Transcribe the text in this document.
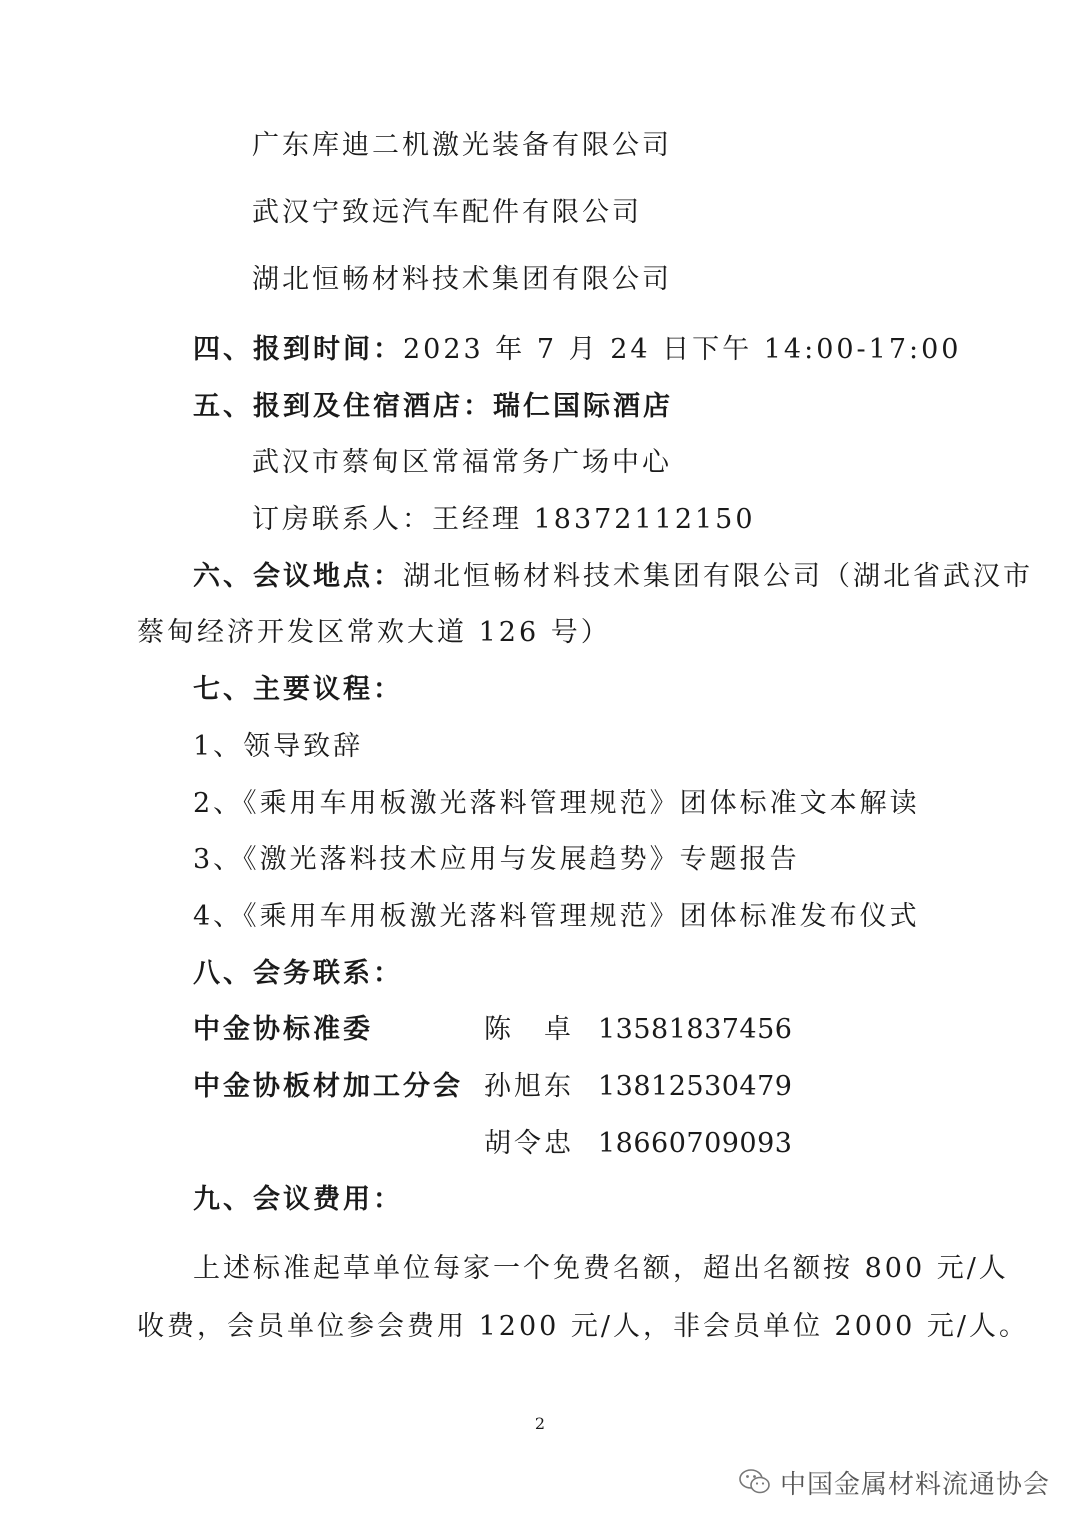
广东库迪二机激光装备有限公司
武汉宁致远汽车配件有限公司
湖北恒畅材料技术集团有限公司
四、报到时间：2023 年 7 月 24 日下午 14:00-17:00
五、报到及住宿酒店：瑞仁国际酒店
武汉市蔡甸区常福常务广场中心
订房联系人：王经理 18372112150
六、会议地点：湖北恒畅材料技术集团有限公司（湖北省武汉市
蔡甸经济开发区常欢大道 126 号）
七、主要议程：
1、领导致辞
2、《乘用车用板激光落料管理规范》团体标准文本解读
3、《激光落料技术应用与发展趋势》专题报告
4、《乘用车用板激光落料管理规范》团体标准发布仪式
八、会务联系：
中金协标准委	陈　卓 13581837456
中金协板材加工分会 孙旭东 13812530479
胡令忠 18660709093
九、会议费用：
上述标准起草单位每家一个免费名额，超出名额按 800 元/人
收费，会员单位参会费用 1200 元/人，非会员单位 2000 元/人。
2
中国金属材料流通协会
